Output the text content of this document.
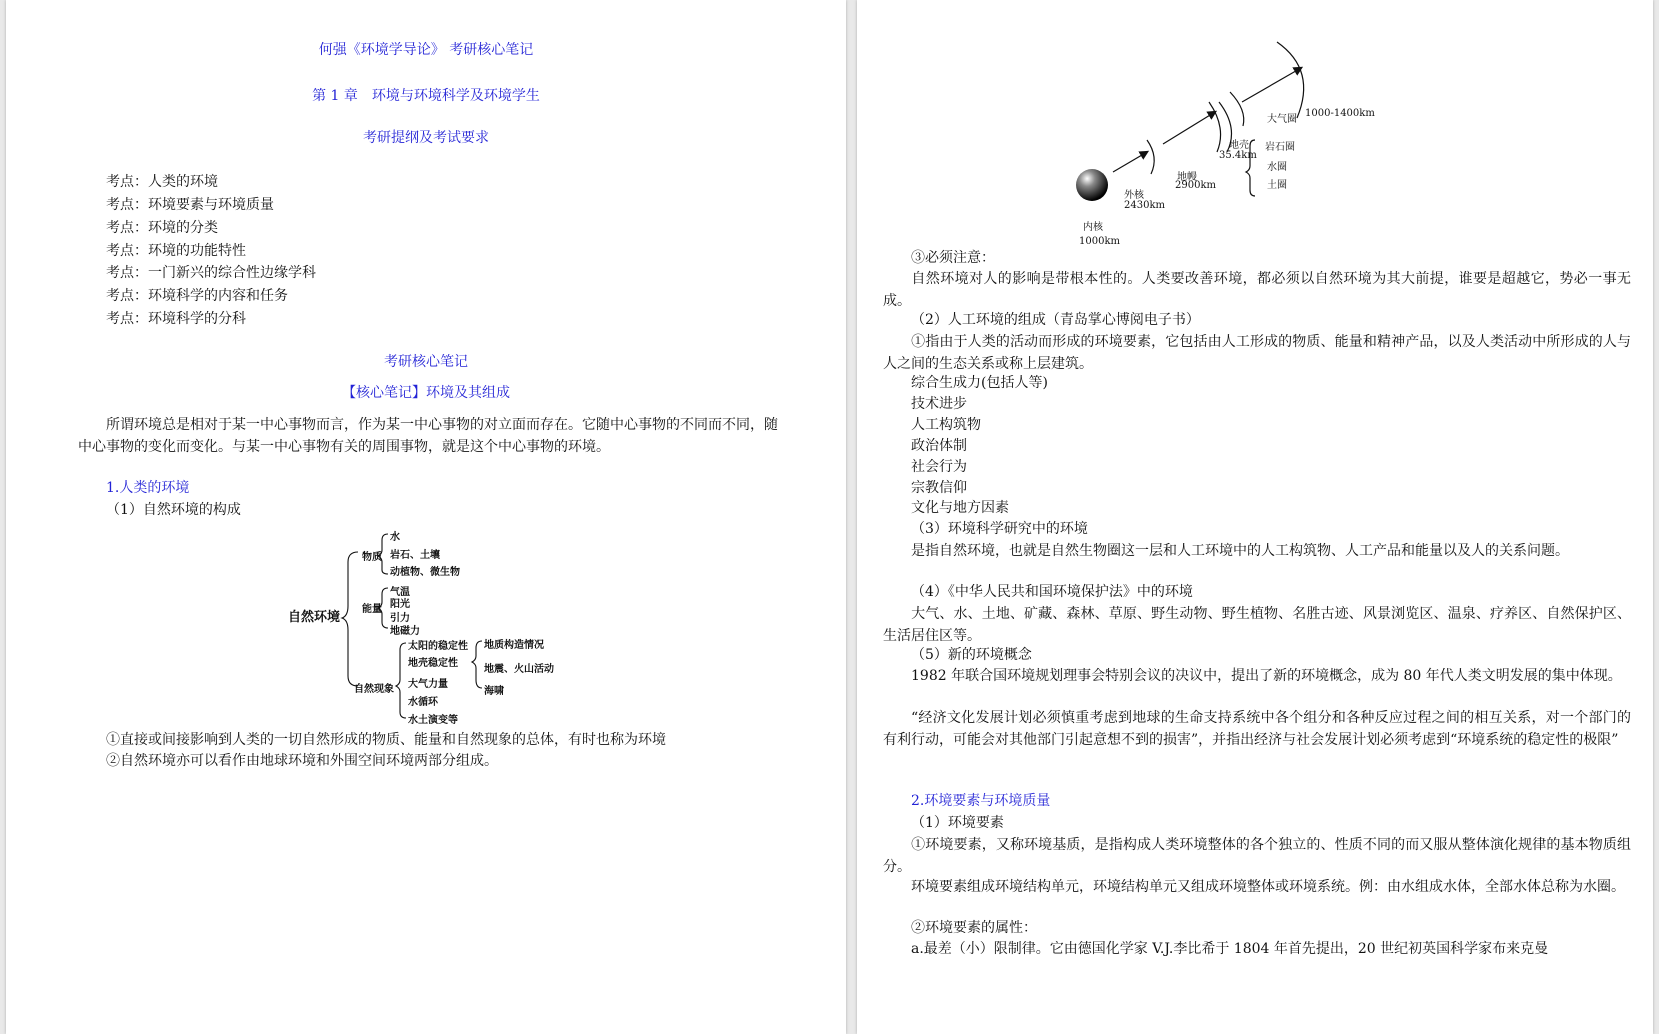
何强《环境学导论》 考研核心笔记
第 1 章　环境与环境科学及环境学生
考研提纲及考试要求
考点：人类的环境
考点：环境要素与环境质量
考点：环境的分类
考点：环境的功能特性
考点：一门新兴的综合性边缘学科
考点：环境科学的内容和任务
考点：环境科学的分科
考研核心笔记
【核心笔记】环境及其组成
所谓环境总是相对于某一中心事物而言，作为某一中心事物的对立面而存在。它随中心事物的不同而不同，随中心事物的变化而变化。与某一中心事物有关的周围事物，就是这个中心事物的环境。
1.人类的环境
（1）自然环境的构成
自然环境
物质
水
岩石、土壤
动植物、微生物
能量
气温
阳光
引力
地磁力
自然现象
太阳的稳定性
地壳稳定性
大气力量
水循环
水土演变等
地质构造情况
地震、火山活动
海啸
①直接或间接影响到人类的一切自然形成的物质、能量和自然现象的总体，有时也称为环境
②自然环境亦可以看作由地球环境和外围空间环境两部分组成。
内核
1000km
外核
2430km
地幔
2900km
地壳
35.4km
岩石圈
水圈
土圈
大气圈
1000-1400km
③必须注意：
自然环境对人的影响是带根本性的。人类要改善环境，都必须以自然环境为其大前提，谁要是超越它，势必一事无成。
（2）人工环境的组成（青岛掌心博阅电子书）
①指由于人类的活动而形成的环境要素，它包括由人工形成的物质、能量和精神产品，以及人类活动中所形成的人与人之间的生态关系或称上层建筑。
综合生成力(包括人等)
技术进步
人工构筑物
政治体制
社会行为
宗教信仰
文化与地方因素
（3）环境科学研究中的环境
是指自然环境，也就是自然生物圈这一层和人工环境中的人工构筑物、人工产品和能量以及人的关系问题。
（4）《中华人民共和国环境保护法》中的环境
大气、水、土地、矿藏、森林、草原、野生动物、野生植物、名胜古迹、风景浏览区、温泉、疗养区、自然保护区、生活居住区等。
（5）新的环境概念
1982 年联合国环境规划理事会特别会议的决议中，提出了新的环境概念，成为 80 年代人类文明发展的集中体现。
“经济文化发展计划必须慎重考虑到地球的生命支持系统中各个组分和各种反应过程之间的相互关系，对一个部门的有利行动，可能会对其他部门引起意想不到的损害”，并指出经济与社会发展计划必须考虑到“环境系统的稳定性的极限”
2.环境要素与环境质量
（1）环境要素
①环境要素，又称环境基质，是指构成人类环境整体的各个独立的、性质不同的而又服从整体演化规律的基本物质组分。
环境要素组成环境结构单元，环境结构单元又组成环境整体或环境系统。例：由水组成水体，全部水体总称为水圈。
②环境要素的属性：
a.最差（小）限制律。它由德国化学家 V.J.李比希于 1804 年首先提出，20 世纪初英国科学家布来克曼
